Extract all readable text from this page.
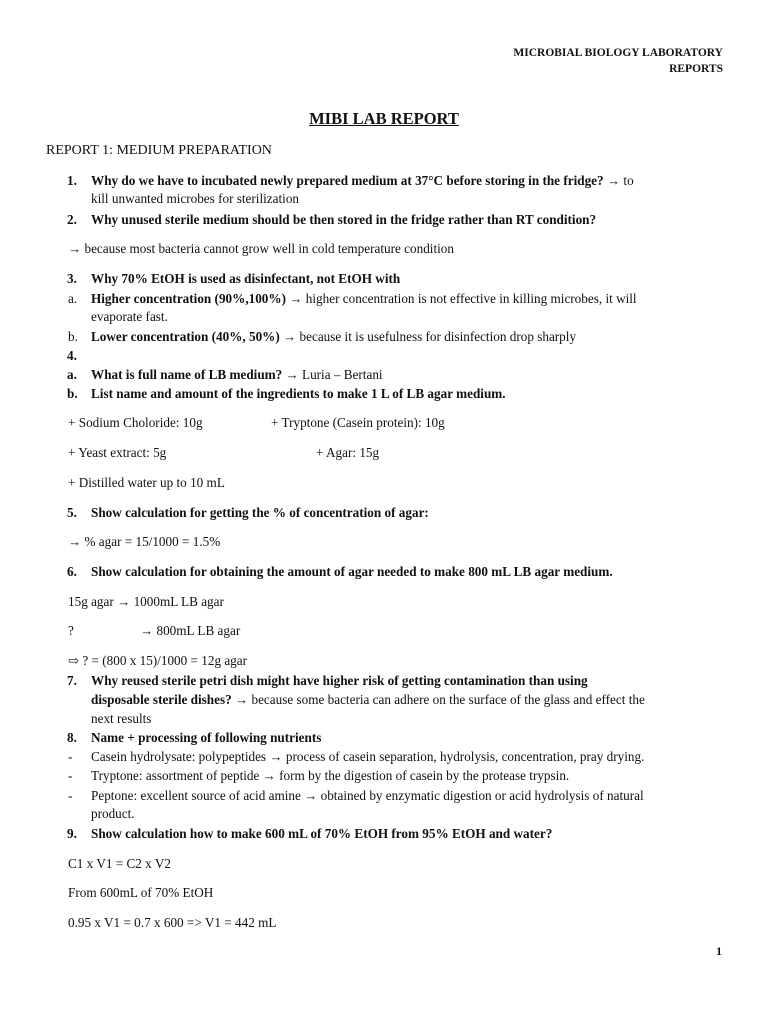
MICROBIAL BIOLOGY LABORATORY
REPORTS
MIBI LAB REPORT
REPORT 1: MEDIUM PREPARATION
1.	Why do we have to incubated newly prepared medium at 37°C before storing in the fridge? → to
kill unwanted microbes for sterilization
2.	Why unused sterile medium should be then stored in the fridge rather than RT condition?
→ because most bacteria cannot grow well in cold temperature condition
3.	Why 70% EtOH is used as disinfectant, not EtOH with
a.	Higher concentration (90%,100%) → higher concentration is not effective in killing microbes, it will
evaporate fast.
b. Lower concentration (40%, 50%) → because it is usefulness for disinfection drop sharply
4.
a.	What is full name of LB medium? → Luria – Bertani
b.	List name and amount of the ingredients to make 1 L of LB agar medium.
+ Sodium Choloride: 10g	+ Tryptone (Casein protein): 10g
+ Yeast extract: 5g	+ Agar: 15g
+ Distilled water up to 10 mL
5.	Show calculation for getting the % of concentration of agar:
→ % agar = 15/1000 = 1.5%
6.	Show calculation for obtaining the amount of agar needed to make 800 mL LB agar medium.
15g agar → 1000mL LB agar
?	→ 800mL LB agar
⇨ ? = (800 x 15)/1000 = 12g agar
7.	Why reused sterile petri dish might have higher risk of getting contamination than using
disposable sterile dishes? → because some bacteria can adhere on the surface of the glass and effect the
next results
8.	Name + processing of following nutrients
-	Casein hydrolysate: polypeptides → process of casein separation, hydrolysis, concentration, pray drying.
-	Tryptone: assortment of peptide → form by the digestion of casein by the protease trypsin.
-	Peptone: excellent source of acid amine → obtained by enzymatic digestion or acid hydrolysis of natural
product.
9.	Show calculation how to make 600 mL of 70% EtOH from 95% EtOH and water?
C1 x V1 = C2 x V2
From 600mL of 70% EtOH
0.95 x V1 = 0.7 x 600 => V1 = 442 mL
1
